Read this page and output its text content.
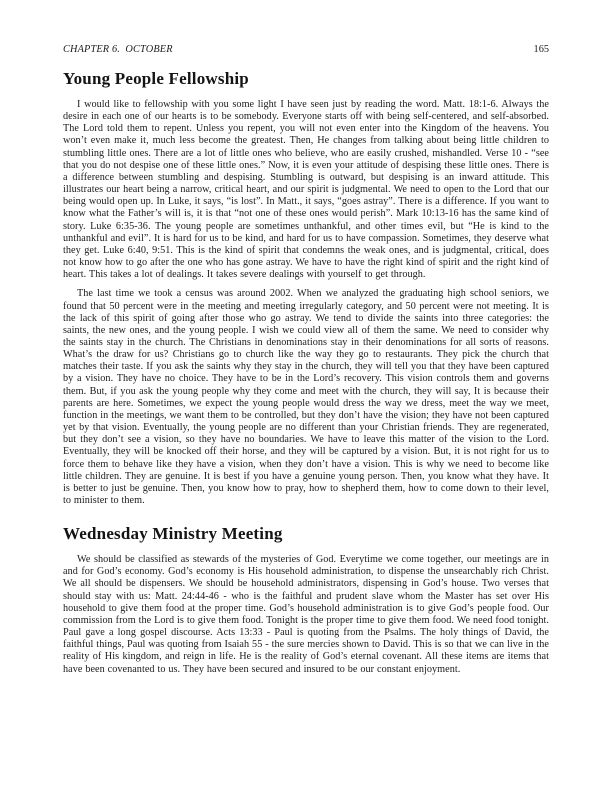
CHAPTER 6.  OCTOBER	165
Young People Fellowship

I would like to fellowship with you some light I have seen just by reading the word. Matt. 18:1-6. Always the desire in each one of our hearts is to be somebody. Everyone starts off with being self-centered, and self-absorbed. The Lord told them to repent. Unless you repent, you will not even enter into the Kingdom of the heavens. You won’t even make it, much less become the greatest. Then, He changes from talking about being little children to stumbling little ones. There are a lot of little ones who believe, who are easily crushed, mishandled. Verse 10 - “see that you do not despise one of these little ones.” Now, it is even your attitude of despising these little ones. There is a difference between stumbling and despising. Stumbling is outward, but despising is an inward attitude. This illustrates our heart being a narrow, critical heart, and our spirit is judgmental. We need to open to the Lord that our being would open up. In Luke, it says, “is lost”. In Matt., it says, “goes astray”. There is a difference. If you want to know what the Father’s will is, it is that “not one of these ones would perish”. Mark 10:13-16 has the same kind of story. Luke 6:35-36. The young people are sometimes unthankful, and other times evil, but “He is kind to the unthankful and evil”. It is hard for us to be kind, and hard for us to have compassion. Sometimes, they deserve what they get. Luke 6:40, 9:51. This is the kind of spirit that condemns the weak ones, and is judgmental, critical, does not know how to go after the one who has gone astray. We have to have the right kind of spirit and the right kind of heart. This takes a lot of dealings. It takes severe dealings with yourself to get through.

The last time we took a census was around 2002. When we analyzed the graduating high school seniors, we found that 50 percent were in the meeting and meeting irregularly category, and 50 percent were not meeting. It is the lack of this spirit of going after those who go astray. We tend to divide the saints into three categories: the saints, the new ones, and the young people. I wish we could view all of them the same. We need to consider why the saints stay in the church. The Christians in denominations stay in their denominations for all sorts of reasons. What’s the draw for us? Christians go to church like the way they go to restaurants. They pick the church that matches their taste. If you ask the saints why they stay in the church, they will tell you that they have been captured by a vision. They have no choice. They have to be in the Lord’s recovery. This vision controls them and governs them. But, if you ask the young people why they come and meet with the church, they will say, It is because their parents are here. Sometimes, we expect the young people would dress the way we dress, meet the way we meet, function in the meetings, we want them to be controlled, but they don’t have the vision; they have not been captured yet by that vision. Eventually, the young people are no different than your Christian friends. They are regenerated, but they don’t see a vision, so they have no boundaries. We have to leave this matter of the vision to the Lord. Eventually, they will be knocked off their horse, and they will be captured by a vision. But, it is not right for us to force them to behave like they have a vision, when they don’t have a vision. This is why we need to become like little children. They are genuine. It is best if you have a genuine young person. Then, you know what they have. It is better to just be genuine. Then, you know how to pray, how to shepherd them, how to come down to their level, to minister to them.

Wednesday Ministry Meeting

We should be classified as stewards of the mysteries of God. Everytime we come together, our meetings are in and for God’s economy. God’s economy is His household administration, to dispense the unsearchably rich Christ. We all should be dispensers. We should be household administrators, dispensing in God’s house. Two verses that should stay with us: Matt. 24:44-46 - who is the faithful and prudent slave whom the Master has set over His household to give them food at the proper time. God’s household administration is to give God’s people food. Our commission from the Lord is to give them food. Tonight is the proper time to give them food. We need food tonight. Paul gave a long gospel discourse. Acts 13:33 - Paul is quoting from the Psalms. The holy things of David, the faithful things, Paul was quoting from Isaiah 55 - the sure mercies shown to David. This is so that we can live in the reality of His kingdom, and reign in life. He is the reality of God’s eternal covenant. All these items are items that have been covenanted to us. They have been secured and insured to be our constant enjoyment.
